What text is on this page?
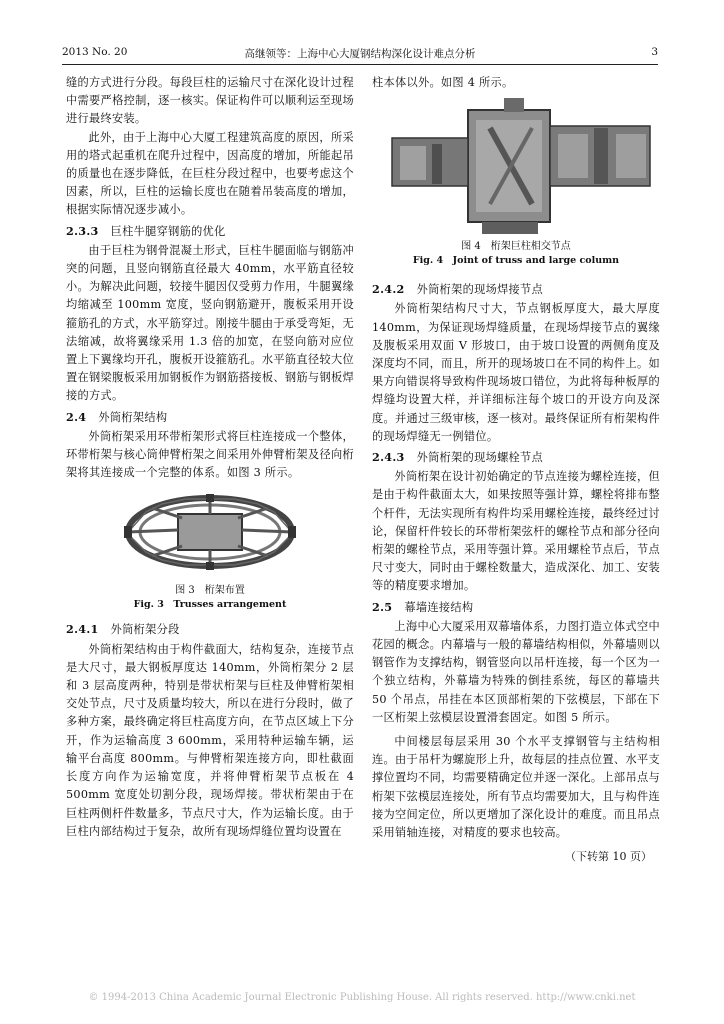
2013 No. 20	高继领等：上海中心大厦钢结构深化设计难点分析	3

缝的方式进行分段。每段巨柱的运输尺寸在深化设计过程中需要严格控制，逐一核实。保证构件可以顺利运至现场进行最终安装。

此外，由于上海中心大厦工程建筑高度的原因，所采用的塔式起重机在爬升过程中，因高度的增加，所能起吊的质量也在逐步降低，在巨柱分段过程中，也要考虑这个因素，所以，巨柱的运输长度也在随着吊装高度的增加，根据实际情况逐步减小。

2.3.3 巨柱牛腿穿钢筋的优化

由于巨柱为钢骨混凝土形式，巨柱牛腿面临与钢筋冲突的问题，且竖向钢筋直径最大 40mm，水平筋直径较小。为解决此问题，较接牛腿因仅受剪力作用，牛腿翼缘均缩减至 100mm 宽度，竖向钢筋避开，腹板采用开设箍筋孔的方式，水平筋穿过。刚接牛腿由于承受弯矩，无法缩减，故将翼缘采用 1.3 倍的加宽，在竖向筋对应位置上下翼缘均开孔，腹板开设箍筋孔。水平筋直径较大位置在钢梁腹板采用加钢板作为钢筋搭接板、钢筋与钢板焊接的方式。

2.4 外筒桁架结构

外筒桁架采用环带桁架形式将巨柱连接成一个整体，环带桁架与核心筒伸臂桁架之间采用外伸臂桁架及径向桁架将其连接成一个完整的体系。如图 3 所示。

图 3　桁架布置
Fig. 3　Trusses arrangement
2.4.1 外筒桁架分段

外筒桁架结构由于构件截面大，结构复杂，连接节点是大尺寸，最大钢板厚度达 140mm，外筒桁架分 2 层和 3 层高度两种，特别是带状桁架与巨柱及伸臂桁架相交处节点，尺寸及质量均较大，所以在进行分段时，做了多种方案，最终确定将巨柱高度方向，在节点区域上下分开，作为运输高度 3 600mm，采用特种运输车辆，运输平台高度 800mm。与伸臂桁架连接方向，即杜截面长度方向作为运输宽度，并将伸臂桁架节点板在 4 500mm 宽度处切割分段，现场焊接。带状桁架由于在巨柱两侧杆件数量多，节点尺寸大，作为运输长度。由于巨柱内部结构过于复杂，故所有现场焊缝位置均设置在

柱本体以外。如图 4 所示。

图 4　桁架巨柱相交节点
Fig. 4　Joint of truss and large column
2.4.2 外筒桁架的现场焊接节点

外筒桁架结构尺寸大，节点钢板厚度大，最大厚度 140mm，为保证现场焊缝质量，在现场焊接节点的翼缘及腹板采用双面 V 形坡口，由于坡口设置的两侧角度及深度均不同，而且，所开的现场坡口在不同的构件上。如果方向错误将导致构件现场坡口错位，为此将每种板厚的焊缝均设置大样，并详细标注每个坡口的开设方向及深度。并通过三级审核，逐一核对。最终保证所有桁架构件的现场焊缝无一例错位。

2.4.3 外筒桁架的现场螺栓节点

外筒桁架在设计初始确定的节点连接为螺栓连接，但是由于构件截面太大，如果按照等强计算，螺栓将排布整个杆件，无法实现所有构件均采用螺栓连接，最终经过讨论，保留杆件较长的环带桁架弦杆的螺栓节点和部分径向桁架的螺栓节点，采用等强计算。采用螺栓节点后，节点尺寸变大，同时由于螺栓数量大，造成深化、加工、安装等的精度要求增加。

2.5 幕墙连接结构

上海中心大厦采用双幕墙体系，力图打造立体式空中花园的概念。内幕墙与一般的幕墙结构相似，外幕墙则以钢管作为支撑结构，钢管竖向以吊杆连接，每一个区为一个独立结构，外幕墙为特殊的倒挂系统，每区的幕墙共 50 个吊点，吊挂在本区顶部桁架的下弦模层，下部在下一区桁架上弦模层设置滑套固定。如图 5 所示。

中间楼层每层采用 30 个水平支撑钢管与主结构相连。由于吊杆为螺旋形上升，故每层的挂点位置、水平支撑位置均不同，均需要精确定位并逐一深化。上部吊点与桁架下弦模层连接处，所有节点均需要加大，且与构件连接为空间定位，所以更增加了深化设计的难度。而且吊点采用销轴连接，对精度的要求也较高。

（下转第 10 页）
© 1994-2013 China Academic Journal Electronic Publishing House. All rights reserved. http://www.cnki.net
